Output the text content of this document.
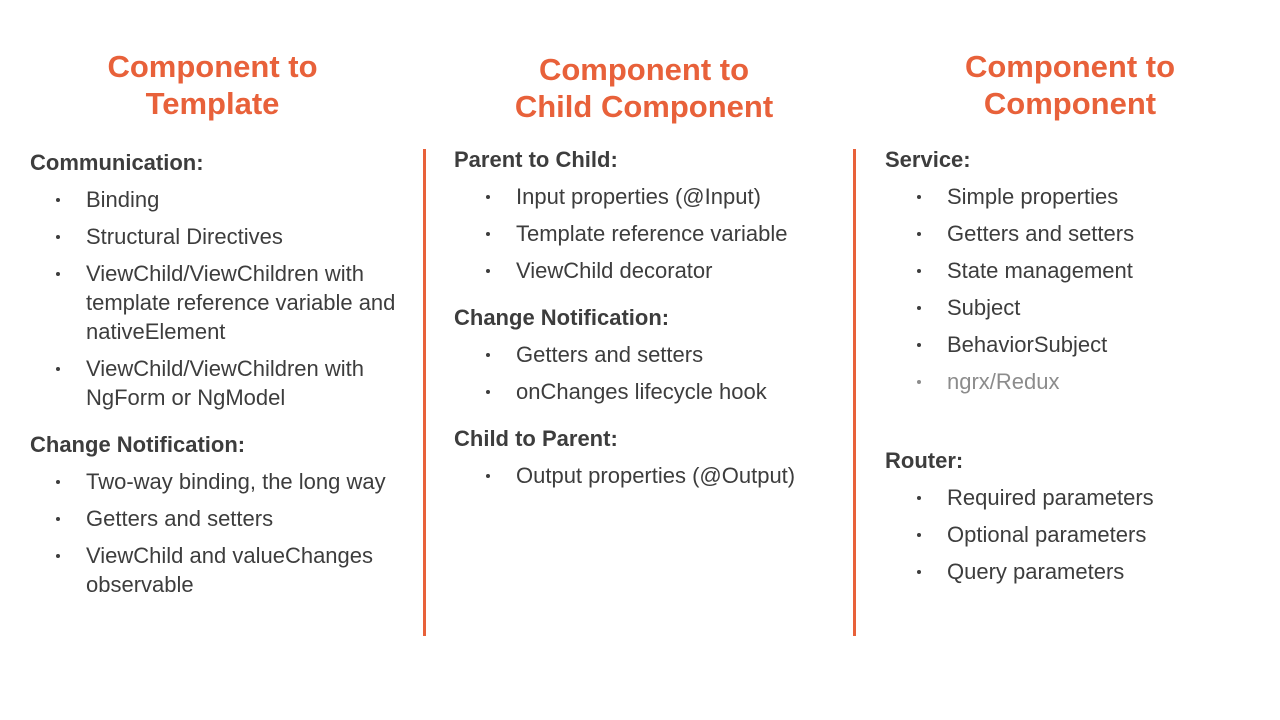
Component to
Template

Communication:

Binding
Structural Directives
ViewChild/ViewChildren with template reference variable and nativeElement
ViewChild/ViewChildren with NgForm or NgModel

Change Notification:

Two-way binding, the long way
Getters and setters
ViewChild and valueChanges observable
Component to
Child Component

Parent to Child:

Input properties (@Input)
Template reference variable
ViewChild decorator

Change Notification:

Getters and setters
onChanges lifecycle hook

Child to Parent:

Output properties (@Output)
Component to
Component

Service:

Simple properties
Getters and setters
State management
Subject
BehaviorSubject
ngrx/Redux

Router:

Required parameters
Optional parameters
Query parameters
